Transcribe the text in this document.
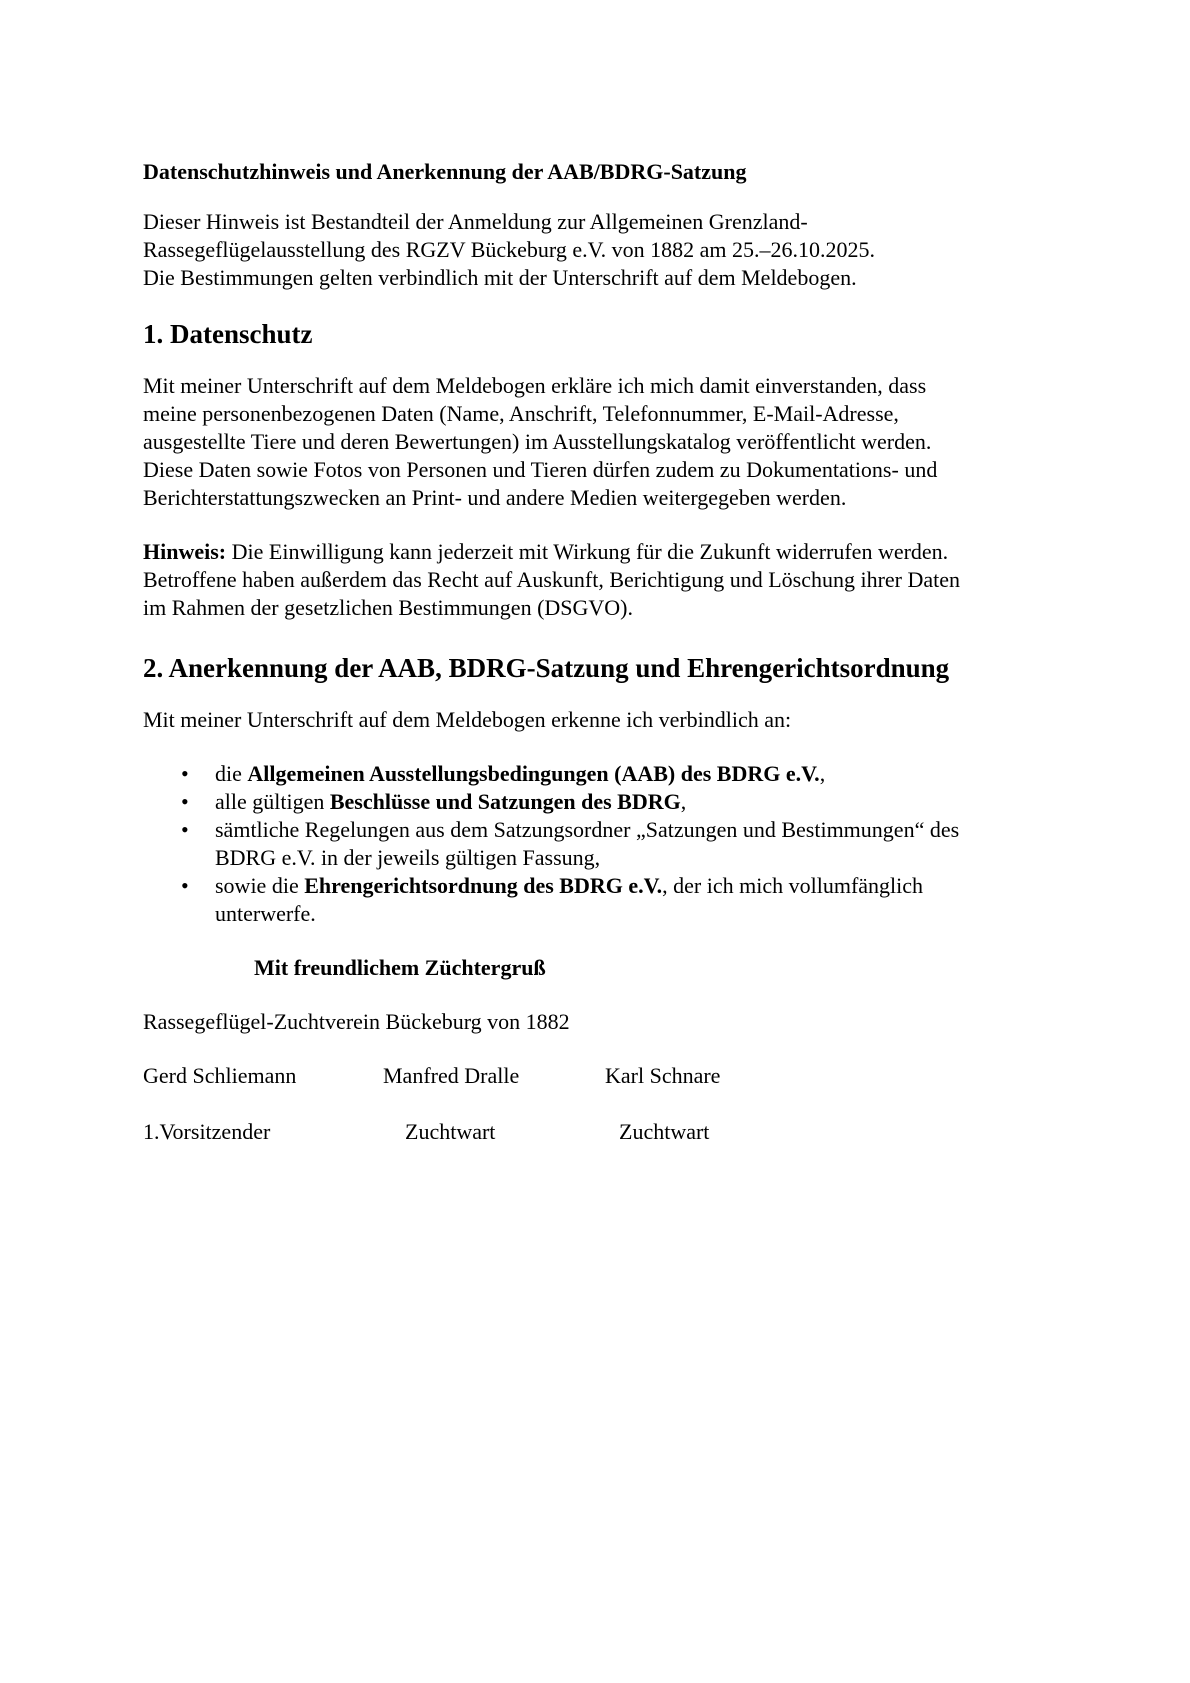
Datenschutzhinweis und Anerkennung der AAB/BDRG-Satzung

Dieser Hinweis ist Bestandteil der Anmeldung zur Allgemeinen Grenzland-
Rassegeflügelausstellung des RGZV Bückeburg e.V. von 1882 am 25.–26.10.2025.
Die Bestimmungen gelten verbindlich mit der Unterschrift auf dem Meldebogen.

1. Datenschutz

Mit meiner Unterschrift auf dem Meldebogen erkläre ich mich damit einverstanden, dass
meine personenbezogenen Daten (Name, Anschrift, Telefonnummer, E-Mail-Adresse,
ausgestellte Tiere und deren Bewertungen) im Ausstellungskatalog veröffentlicht werden.
Diese Daten sowie Fotos von Personen und Tieren dürfen zudem zu Dokumentations- und
Berichterstattungszwecken an Print- und andere Medien weitergegeben werden.

Hinweis: Die Einwilligung kann jederzeit mit Wirkung für die Zukunft widerrufen werden.
Betroffene haben außerdem das Recht auf Auskunft, Berichtigung und Löschung ihrer Daten
im Rahmen der gesetzlichen Bestimmungen (DSGVO).

2. Anerkennung der AAB, BDRG-Satzung und Ehrengerichtsordnung

Mit meiner Unterschrift auf dem Meldebogen erkenne ich verbindlich an:

• die Allgemeinen Ausstellungsbedingungen (AAB) des BDRG e.V.,
• alle gültigen Beschlüsse und Satzungen des BDRG,
• sämtliche Regelungen aus dem Satzungsordner „Satzungen und Bestimmungen“ des
BDRG e.V. in der jeweils gültigen Fassung,
• sowie die Ehrengerichtsordnung des BDRG e.V., der ich mich vollumfänglich
unterwerfe.

Mit freundlichem Züchtergruß

Rassegeflügel-Zuchtverein Bückeburg von 1882

Gerd Schliemann	Manfred Dralle	Karl Schnare
1.Vorsitzender	Zuchtwart	Zuchtwart
